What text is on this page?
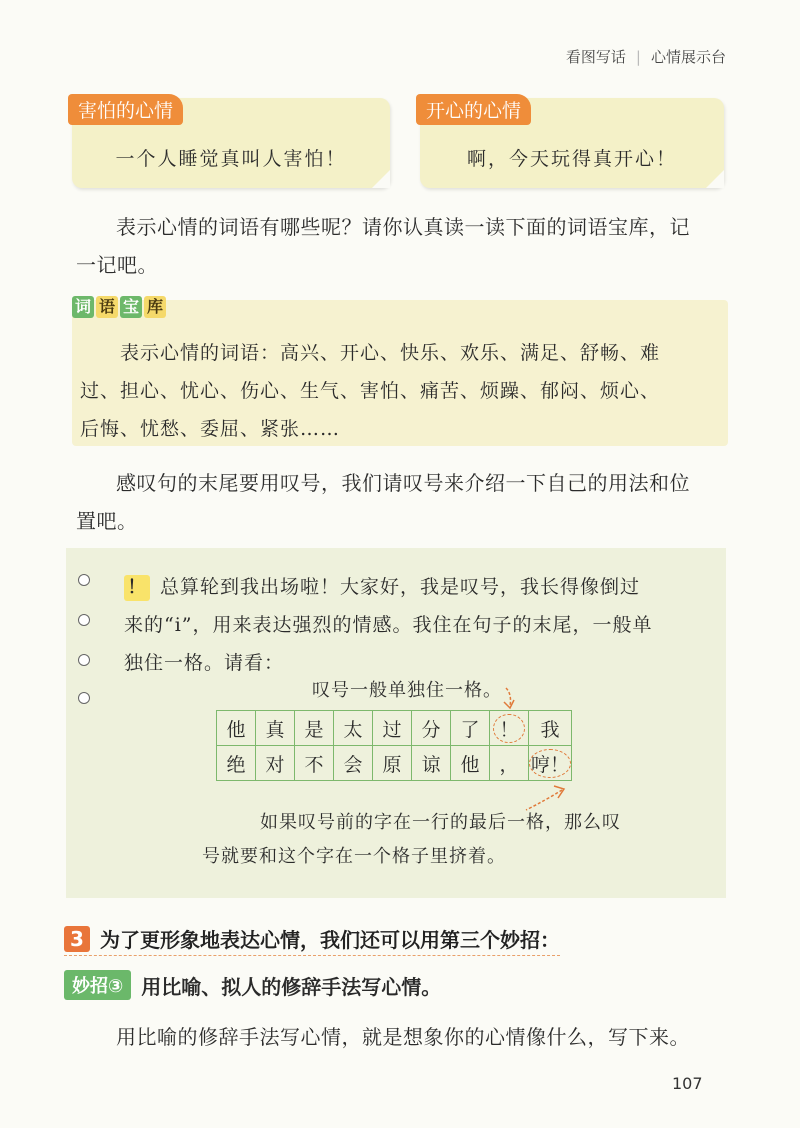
看图写话 | 心情展示台
害怕的心情
一个人睡觉真叫人害怕！
开心的心情
啊，今天玩得真开心！
表示心情的词语有哪些呢？请你认真读一读下面的词语宝库，记
一记吧。
词 语 宝 库
表示心情的词语：高兴、开心、快乐、欢乐、满足、舒畅、难
过、担心、忧心、伤心、生气、害怕、痛苦、烦躁、郁闷、烦心、
后悔、忧愁、委屈、紧张……
感叹句的末尾要用叹号，我们请叹号来介绍一下自己的用法和位
置吧。
！ 总算轮到我出场啦！大家好，我是叹号，我长得像倒过
来的“i”，用来表达强烈的情感。我住在句子的末尾，一般单
独住一格。请看：
叹号一般单独住一格。
他	真	是	太	过	分	了	！	我
绝	对	不	会	原	谅	他	，	哼！
如果叹号前的字在一行的最后一格，那么叹
号就要和这个字在一个格子里挤着。
3 为了更形象地表达心情，我们还可以用第三个妙招：
妙招③ 用比喻、拟人的修辞手法写心情。
用比喻的修辞手法写心情，就是想象你的心情像什么，写下来。
107
